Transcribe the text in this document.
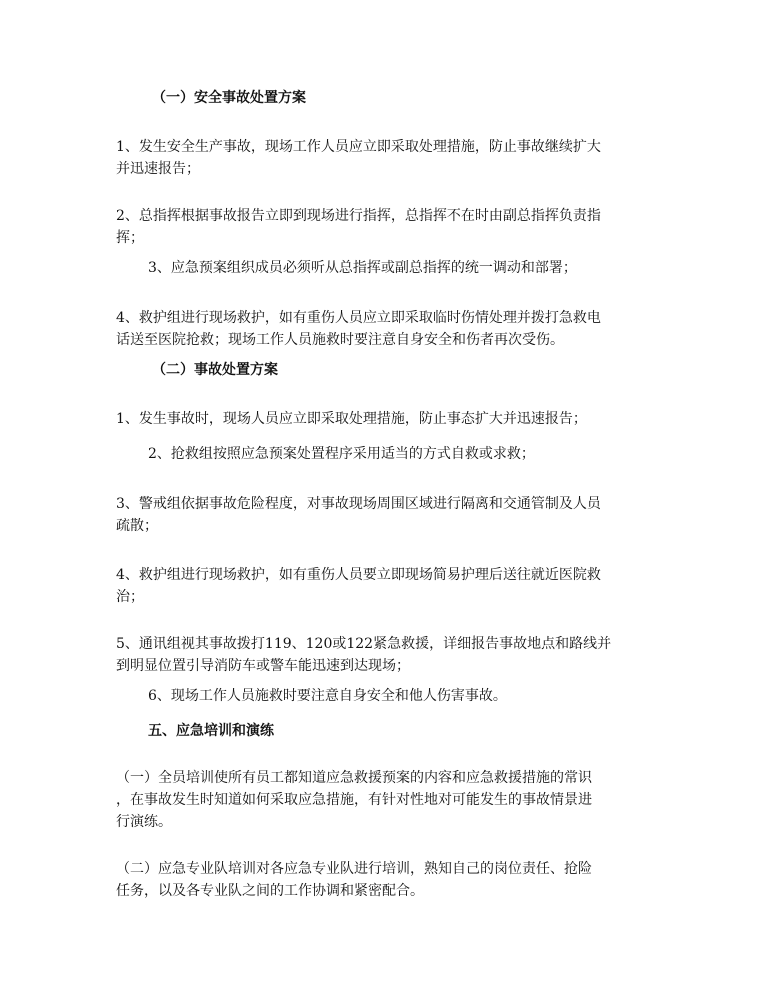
（一）安全事故处置方案

1、发生安全生产事故，现场工作人员应立即采取处理措施，防止事故继续扩大
并迅速报告；
2、总指挥根据事故报告立即到现场进行指挥，总指挥不在时由副总指挥负责指
挥；

3、应急预案组织成员必须听从总指挥或副总指挥的统一调动和部署；

4、救护组进行现场救护，如有重伤人员应立即采取临时伤情处理并拨打急救电
话送至医院抢救；现场工作人员施救时要注意自身安全和伤者再次受伤。

（二）事故处置方案

1、发生事故时，现场人员应立即采取处理措施，防止事态扩大并迅速报告；

2、抢救组按照应急预案处置程序采用适当的方式自救或求救；

3、警戒组依据事故危险程度，对事故现场周围区域进行隔离和交通管制及人员
疏散；
4、救护组进行现场救护，如有重伤人员要立即现场简易护理后送往就近医院救
治；
5、通讯组视其事故拨打119、120或122紧急救援，详细报告事故地点和路线并
到明显位置引导消防车或警车能迅速到达现场；

6、现场工作人员施救时要注意自身安全和他人伤害事故。

五、应急培训和演练

（一）全员培训使所有员工都知道应急救援预案的内容和应急救援措施的常识
，在事故发生时知道如何采取应急措施，有针对性地对可能发生的事故情景进
行演练。
（二）应急专业队培训对各应急专业队进行培训，熟知自己的岗位责任、抢险
任务，以及各专业队之间的工作协调和紧密配合。
